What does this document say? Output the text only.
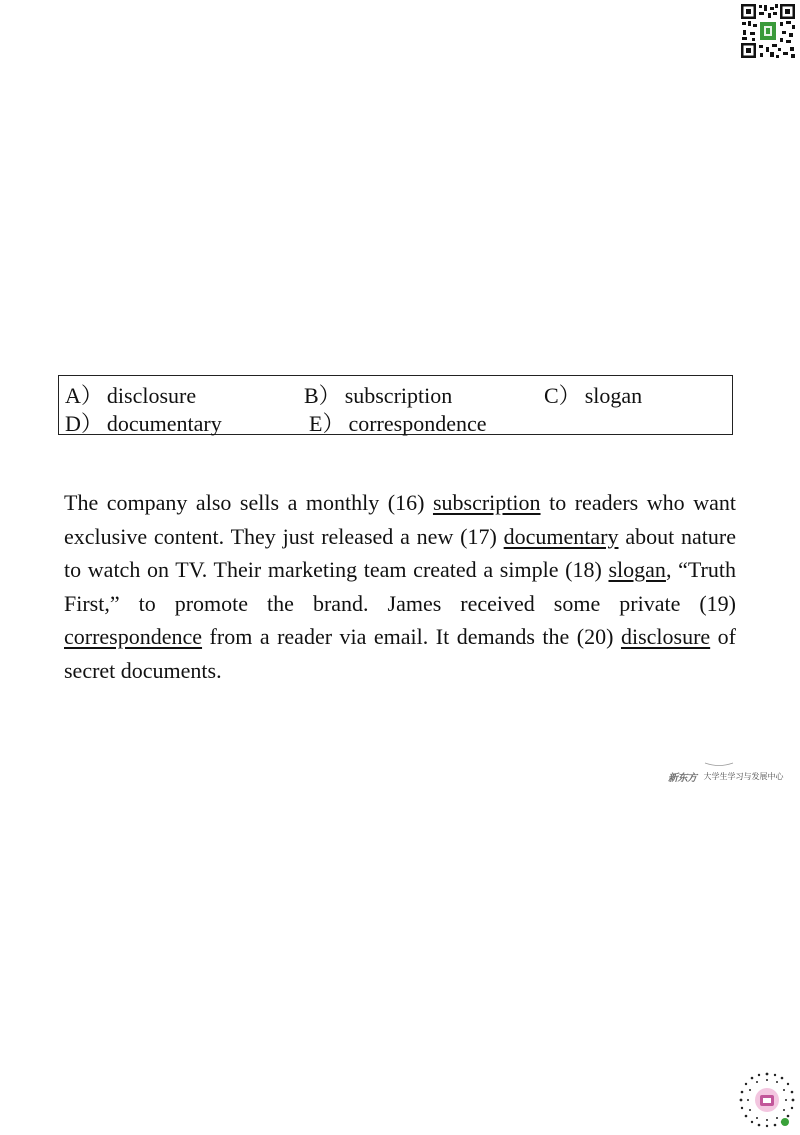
A） disclosure	B） subscription	C） slogan
D） documentary	E） correspondence
The company also sells a monthly (16) subscription to readers who want exclusive content. They just released a new (17) documentary about nature to watch on TV. Their marketing team created a simple (18) slogan, “Truth First,” to promote the brand. James received some private (19) correspondence from a reader via email. It demands the (20) disclosure of secret documents.
新东方 大学生学习与发展中心
